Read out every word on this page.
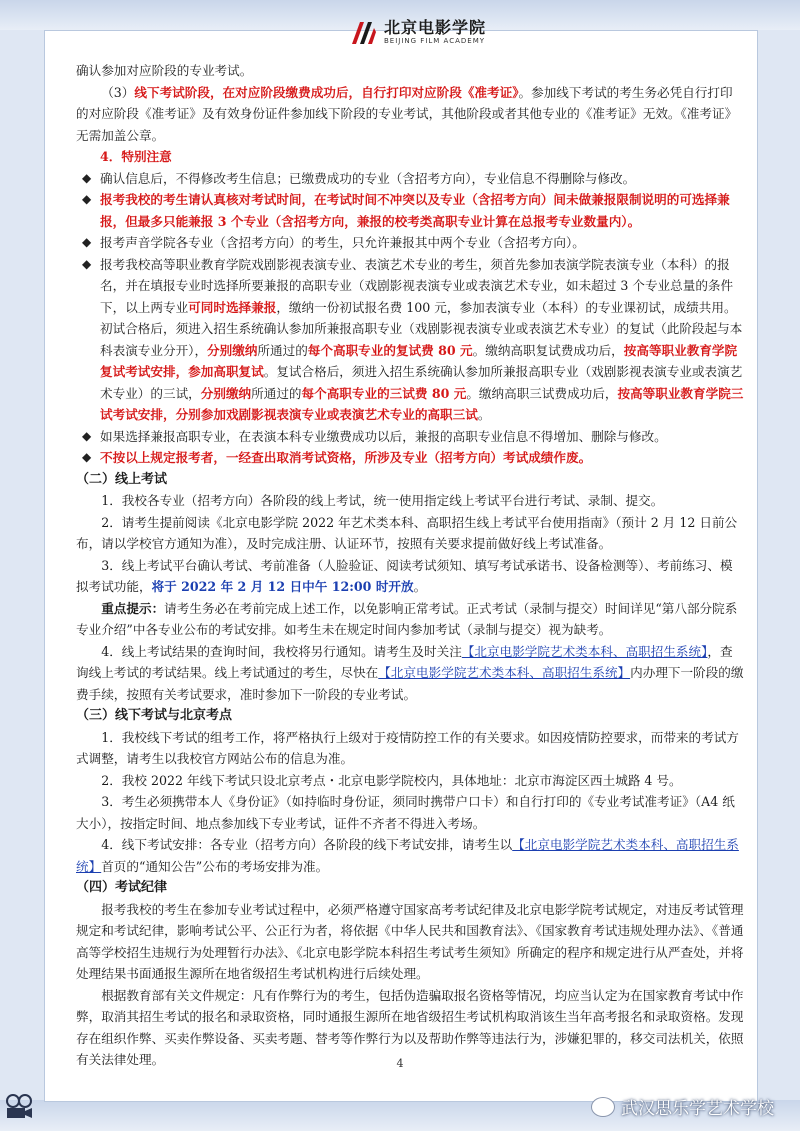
北京电影学院
BEIJING FILM ACADEMY

确认参加对应阶段的专业考试。

（3）线下考试阶段，在对应阶段缴费成功后，自行打印对应阶段《准考证》。参加线下考试的考生务必凭自行打印的对应阶段《准考证》及有效身份证件参加线下阶段的专业考试，其他阶段或者其他专业的《准考证》无效。《准考证》无需加盖公章。

4．特别注意

◆ 确认信息后，不得修改考生信息；已缴费成功的专业（含招考方向），专业信息不得删除与修改。

◆ 报考我校的考生请认真核对考试时间，在考试时间不冲突以及专业（含招考方向）间未做兼报限制说明的可选择兼报，但最多只能兼报 3 个专业（含招考方向，兼报的校考类高职专业计算在总报考专业数量内）。

◆ 报考声音学院各专业（含招考方向）的考生，只允许兼报其中两个专业（含招考方向）。

◆ 报考我校高等职业教育学院戏剧影视表演专业、表演艺术专业的考生，须首先参加表演学院表演专业（本科）的报名，并在填报专业时选择所要兼报的高职专业（戏剧影视表演专业或表演艺术专业，如未超过 3 个专业总量的条件下，以上两专业可同时选择兼报，缴纳一份初试报名费 100 元，参加表演专业（本科）的专业课初试，成绩共用。初试合格后，须进入招生系统确认参加所兼报高职专业（戏剧影视表演专业或表演艺术专业）的复试（此阶段起与本科表演专业分开），分别缴纳所通过的每个高职专业的复试费 80 元。缴纳高职复试费成功后，按高等职业教育学院复试考试安排，参加高职复试。复试合格后，须进入招生系统确认参加所兼报高职专业（戏剧影视表演专业或表演艺术专业）的三试，分别缴纳所通过的每个高职专业的三试费 80 元。缴纳高职三试费成功后，按高等职业教育学院三试考试安排，分别参加戏剧影视表演专业或表演艺术专业的高职三试。

◆ 如果选择兼报高职专业，在表演本科专业缴费成功以后，兼报的高职专业信息不得增加、删除与修改。

◆ 不按以上规定报考者，一经查出取消考试资格，所涉及专业（招考方向）考试成绩作废。

（二）线上考试

1．我校各专业（招考方向）各阶段的线上考试，统一使用指定线上考试平台进行考试、录制、提交。

2．请考生提前阅读《北京电影学院 2022 年艺术类本科、高职招生线上考试平台使用指南》（预计 2 月 12 日前公布，请以学校官方通知为准），及时完成注册、认证环节，按照有关要求提前做好线上考试准备。

3．线上考试平台确认考试、考前准备（人脸验证、阅读考试须知、填写考试承诺书、设备检测等）、考前练习、模拟考试功能，将于 2022 年 2 月 12 日中午 12:00 时开放。

重点提示：请考生务必在考前完成上述工作，以免影响正常考试。正式考试（录制与提交）时间详见“第八部分院系专业介绍”中各专业公布的考试安排。如考生未在规定时间内参加考试（录制与提交）视为缺考。

4．线上考试结果的查询时间，我校将另行通知。请考生及时关注【北京电影学院艺术类本科、高职招生系统】，查询线上考试的考试结果。线上考试通过的考生，尽快在【北京电影学院艺术类本科、高职招生系统】内办理下一阶段的缴费手续，按照有关考试要求，准时参加下一阶段的专业考试。

（三）线下考试与北京考点

1．我校线下考试的组考工作，将严格执行上级对于疫情防控工作的有关要求。如因疫情防控要求，而带来的考试方式调整，请考生以我校官方网站公布的信息为准。

2．我校 2022 年线下考试只设北京考点・北京电影学院校内，具体地址：北京市海淀区西土城路 4 号。

3．考生必须携带本人《身份证》（如持临时身份证，须同时携带户口卡）和自行打印的《专业考试准考证》（A4 纸大小），按指定时间、地点参加线下专业考试，证件不齐者不得进入考场。

4．线下考试安排：各专业（招考方向）各阶段的线下考试安排，请考生以【北京电影学院艺术类本科、高职招生系统】首页的“通知公告”公布的考场安排为准。

（四）考试纪律

报考我校的考生在参加专业考试过程中，必须严格遵守国家高考考试纪律及北京电影学院考试规定，对违反考试管理规定和考试纪律，影响考试公平、公正行为者，将依据《中华人民共和国教育法》、《国家教育考试违规处理办法》、《普通高等学校招生违规行为处理暂行办法》、《北京电影学院本科招生考试考生须知》所确定的程序和规定进行从严查处，并将处理结果书面通报生源所在地省级招生考试机构进行后续处理。

根据教育部有关文件规定：凡有作弊行为的考生，包括伪造骗取报名资格等情况，均应当认定为在国家教育考试中作弊，取消其招生考试的报名和录取资格，同时通报生源所在地省级招生考试机构取消该生当年高考报名和录取资格。发现存在组织作弊、买卖作弊设备、买卖考题、替考等作弊行为以及帮助作弊等违法行为，涉嫌犯罪的，移交司法机关，依照有关法律处理。	4
武汉思乐学艺术学校
